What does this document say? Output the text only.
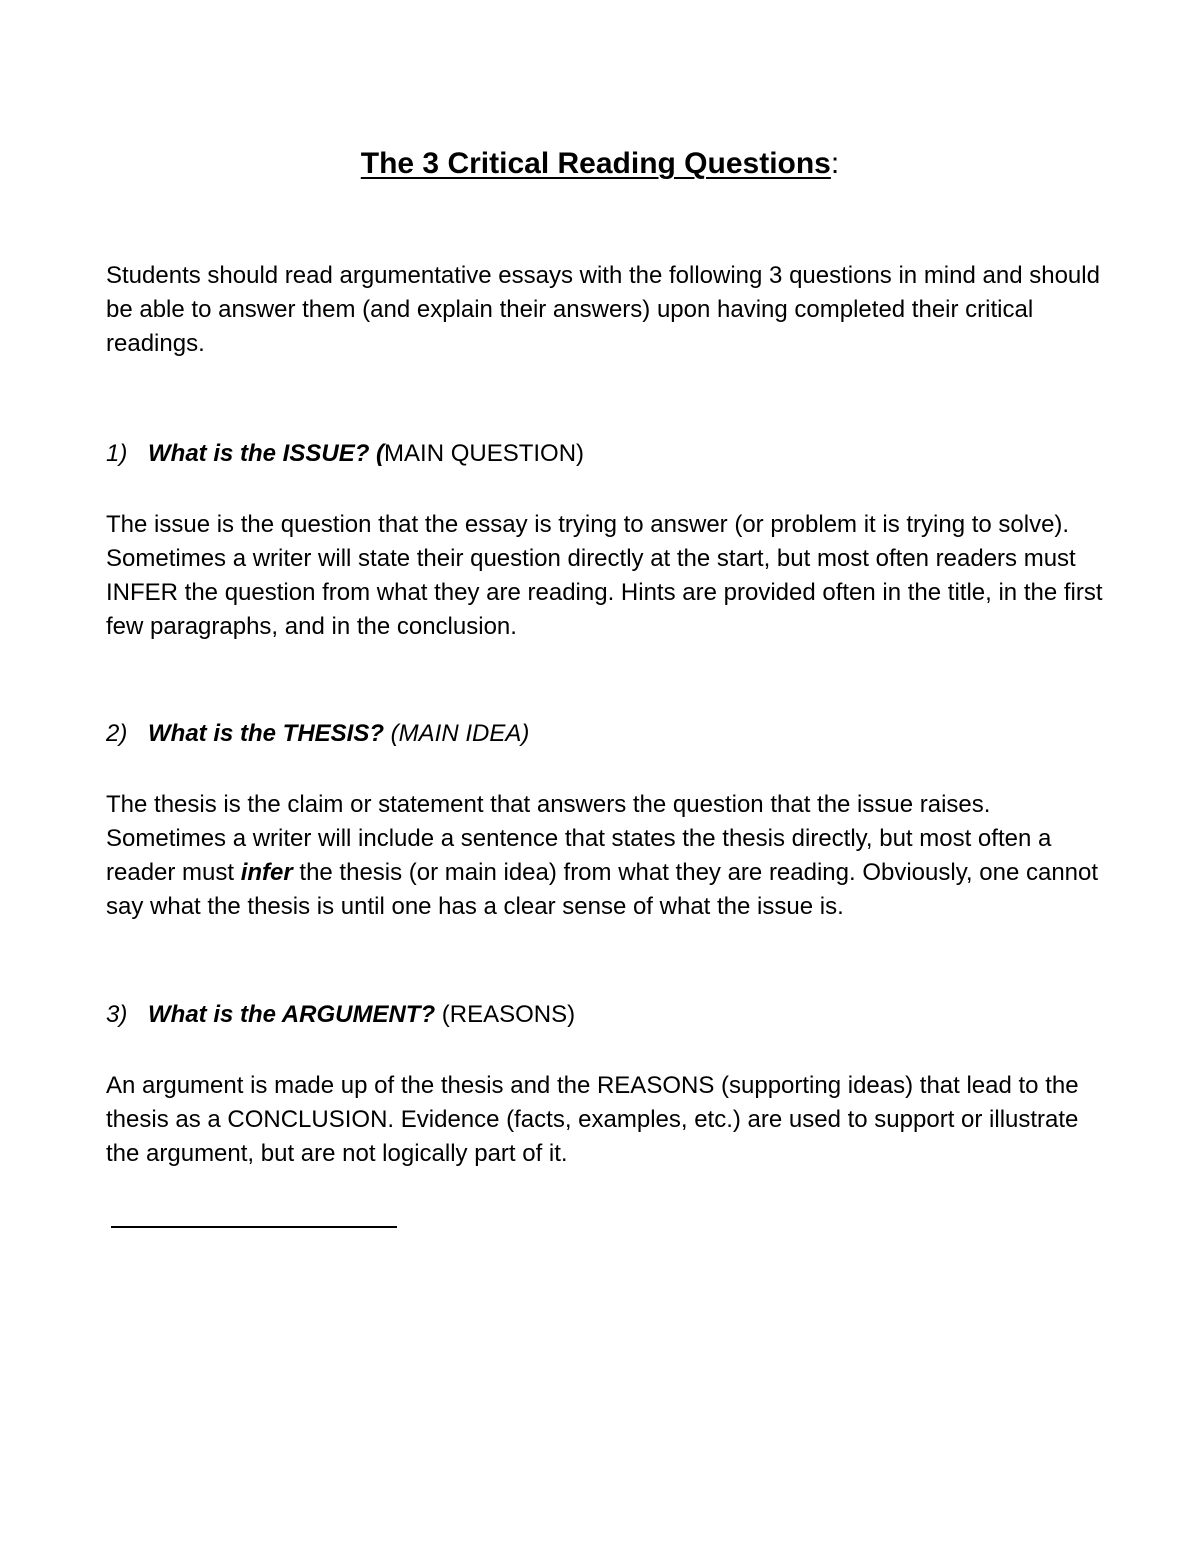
The 3 Critical Reading Questions:

Students should read argumentative essays with the following 3 questions in mind and should be able to answer them (and explain their answers) upon having completed their critical readings.

1) What is the ISSUE? (MAIN QUESTION)

The issue is the question that the essay is trying to answer (or problem it is trying to solve). Sometimes a writer will state their question directly at the start, but most often readers must INFER the question from what they are reading. Hints are provided often in the title, in the first few paragraphs, and in the conclusion.

2) What is the THESIS? (MAIN IDEA)

The thesis is the claim or statement that answers the question that the issue raises. Sometimes a writer will include a sentence that states the thesis directly, but most often a reader must infer the thesis (or main idea) from what they are reading. Obviously, one cannot say what the thesis is until one has a clear sense of what the issue is.

3) What is the ARGUMENT? (REASONS)

An argument is made up of the thesis and the REASONS (supporting ideas) that lead to the thesis as a CONCLUSION. Evidence (facts, examples, etc.) are used to support or illustrate the argument, but are not logically part of it.
